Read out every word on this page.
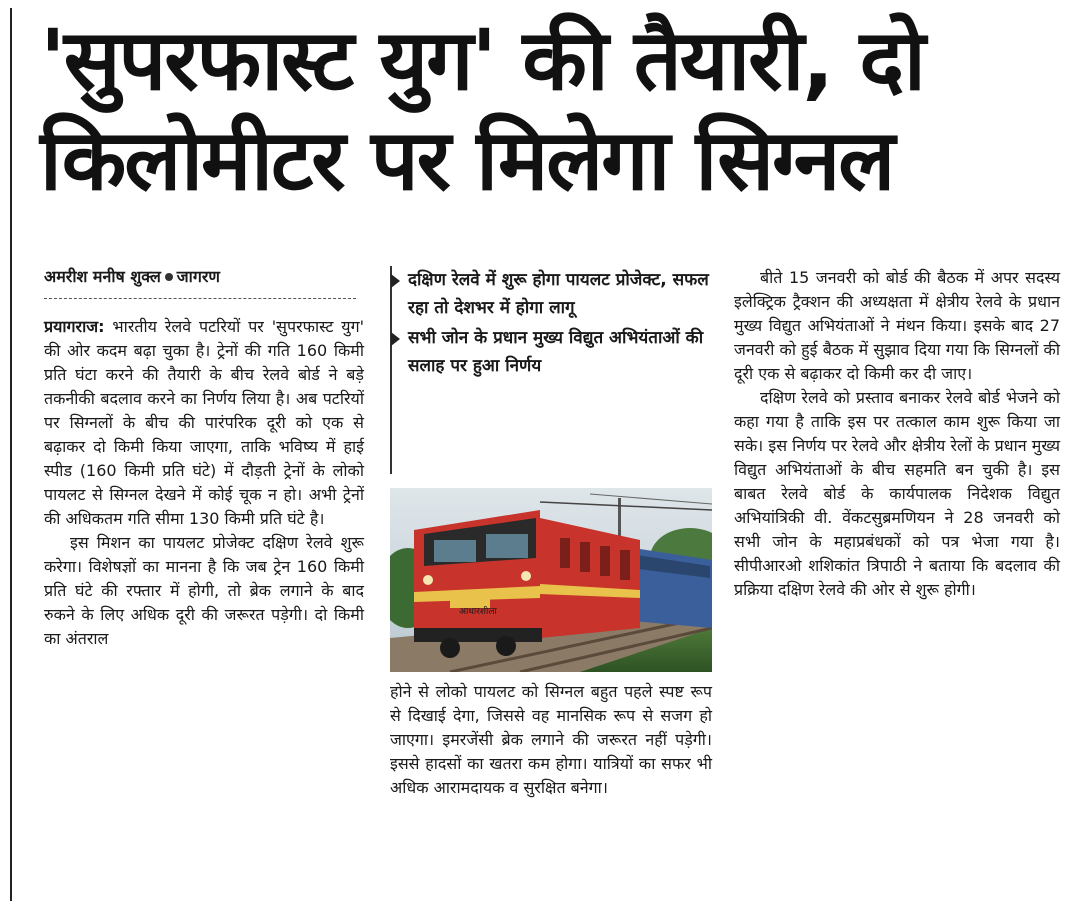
'सुपरफास्ट युग' की तैयारी, दो
किलोमीटर पर मिलेगा सिग्नल
अमरीश मनीष शुक्ल जागरण

प्रयागराज: भारतीय रेलवे पटरियों पर 'सुपरफास्ट युग' की ओर कदम बढ़ा चुका है। ट्रेनों की गति 160 किमी प्रति घंटा करने की तैयारी के बीच रेलवे बोर्ड ने बड़े तकनीकी बदलाव करने का निर्णय लिया है। अब पटरियों पर सिग्नलों के बीच की पारंपरिक दूरी को एक से बढ़ाकर दो किमी किया जाएगा, ताकि भविष्य में हाई स्पीड (160 किमी प्रति घंटे) में दौड़ती ट्रेनों के लोको पायलट से सिग्नल देखने में कोई चूक न हो। अभी ट्रेनों की अधिकतम गति सीमा 130 किमी प्रति घंटे है।

इस मिशन का पायलट प्रोजेक्ट दक्षिण रेलवे शुरू करेगा। विशेषज्ञों का मानना है कि जब ट्रेन 160 किमी प्रति घंटे की रफ्तार में होगी, तो ब्रेक लगाने के बाद रुकने के लिए अधिक दूरी की जरूरत पड़ेगी। दो किमी का अंतराल

दक्षिण रेलवे में शुरू होगा पायलट प्रोजेक्ट, सफल रहा तो देशभर में होगा लागू
सभी जोन के प्रधान मुख्य विद्युत अभियंताओं की सलाह पर हुआ निर्णय
आधारशीला

होने से लोको पायलट को सिग्नल बहुत पहले स्पष्ट रूप से दिखाई देगा, जिससे वह मानसिक रूप से सजग हो जाएगा। इमरजेंसी ब्रेक लगाने की जरूरत नहीं पड़ेगी। इससे हादसों का खतरा कम होगा। यात्रियों का सफर भी अधिक आरामदायक व सुरक्षित बनेगा।

बीते 15 जनवरी को बोर्ड की बैठक में अपर सदस्य इलेक्ट्रिक ट्रैक्शन की अध्यक्षता में क्षेत्रीय रेलवे के प्रधान मुख्य विद्युत अभियंताओं ने मंथन किया। इसके बाद 27 जनवरी को हुई बैठक में सुझाव दिया गया कि सिग्नलों की दूरी एक से बढ़ाकर दो किमी कर दी जाए।

दक्षिण रेलवे को प्रस्ताव बनाकर रेलवे बोर्ड भेजने को कहा गया है ताकि इस पर तत्काल काम शुरू किया जा सके। इस निर्णय पर रेलवे और क्षेत्रीय रेलों के प्रधान मुख्य विद्युत अभियंताओं के बीच सहमति बन चुकी है। इस बाबत रेलवे बोर्ड के कार्यपालक निदेशक विद्युत अभियांत्रिकी वी. वेंकटसुब्रमणियन ने 28 जनवरी को सभी जोन के महाप्रबंधकों को पत्र भेजा गया है। सीपीआरओ शशिकांत त्रिपाठी ने बताया कि बदलाव की प्रक्रिया दक्षिण रेलवे की ओर से शुरू होगी।
